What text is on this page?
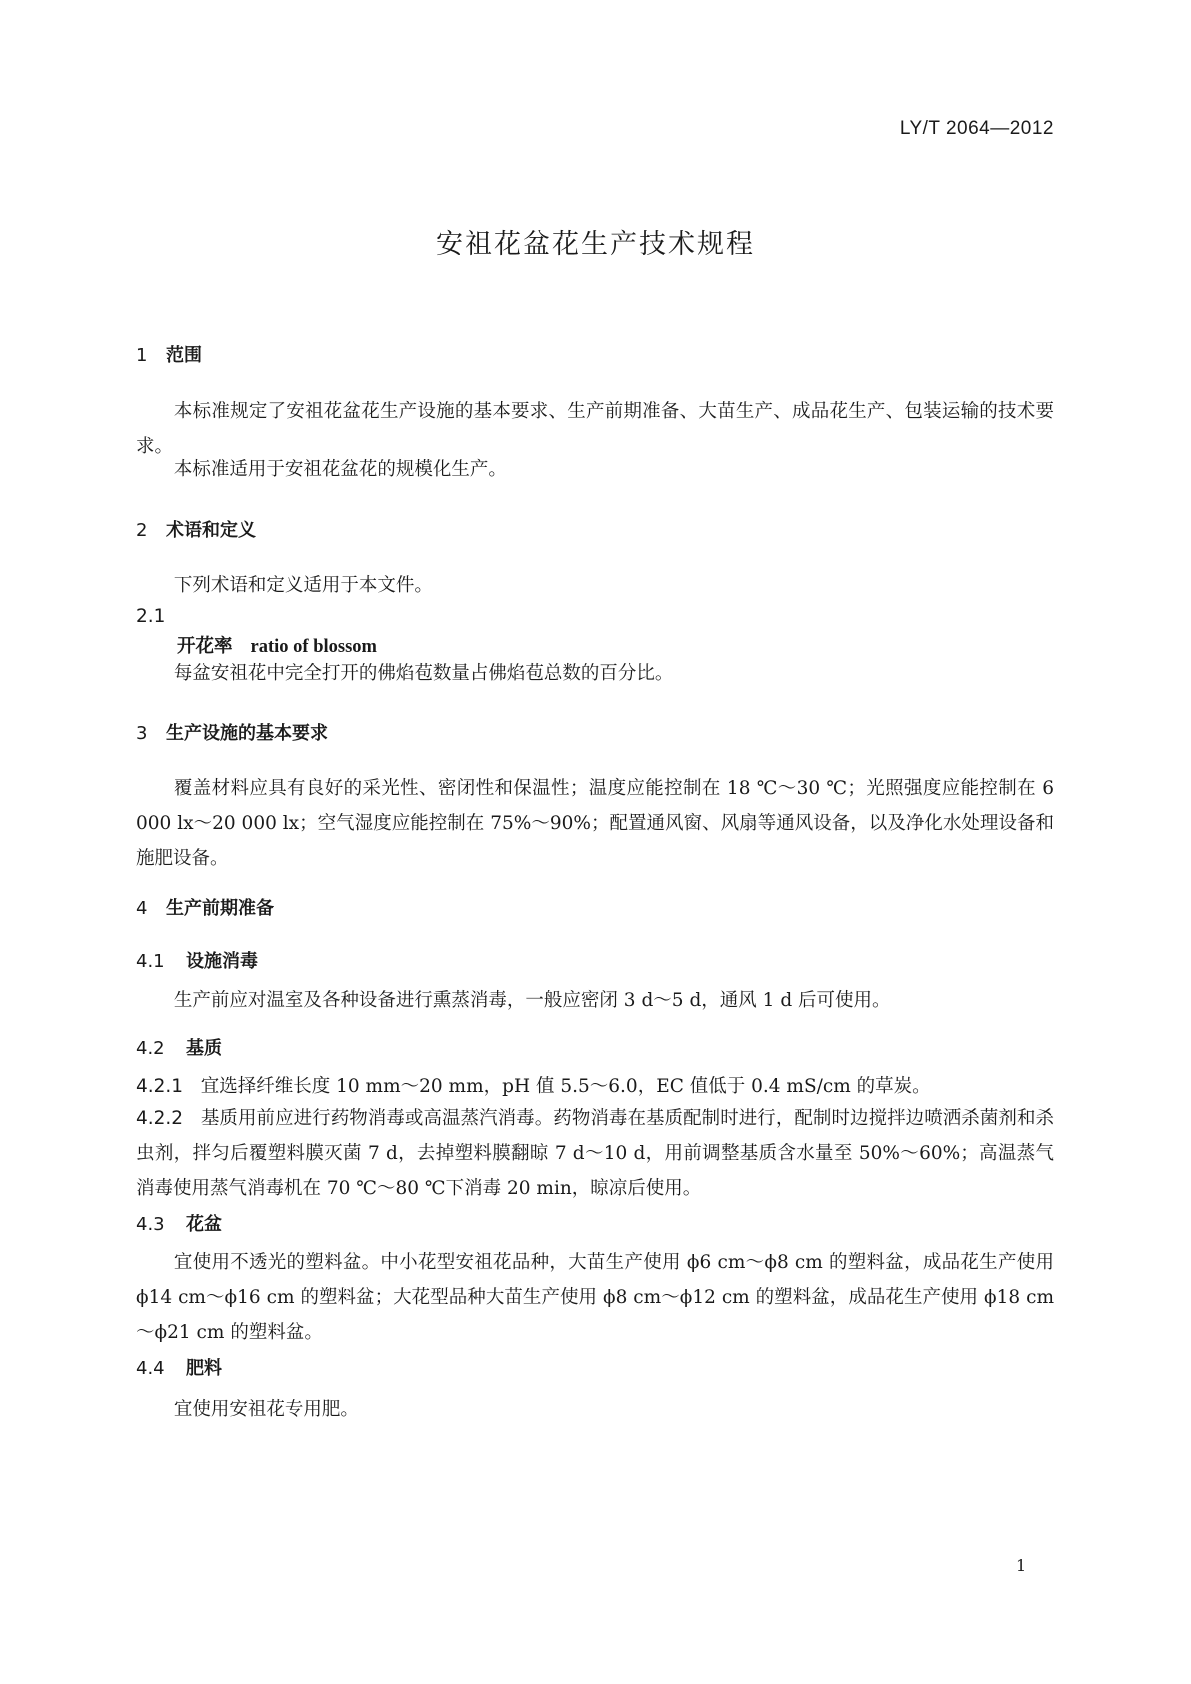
LY/T 2064—2012
安祖花盆花生产技术规程
1 范围
本标准规定了安祖花盆花生产设施的基本要求、生产前期准备、大苗生产、成品花生产、包装运输的技术要求。
本标准适用于安祖花盆花的规模化生产。
2 术语和定义
下列术语和定义适用于本文件。
2.1
开花率 ratio of blossom
每盆安祖花中完全打开的佛焰苞数量占佛焰苞总数的百分比。
3 生产设施的基本要求
覆盖材料应具有良好的采光性、密闭性和保温性；温度应能控制在 18 ℃～30 ℃；光照强度应能控制在 6 000 lx～20 000 lx；空气湿度应能控制在 75%～90%；配置通风窗、风扇等通风设备，以及净化水处理设备和施肥设备。
4 生产前期准备
4.1 设施消毒
生产前应对温室及各种设备进行熏蒸消毒，一般应密闭 3 d～5 d，通风 1 d 后可使用。
4.2 基质
4.2.1 宜选择纤维长度 10 mm～20 mm，pH 值 5.5～6.0，EC 值低于 0.4 mS/cm 的草炭。
4.2.2 基质用前应进行药物消毒或高温蒸汽消毒。药物消毒在基质配制时进行，配制时边搅拌边喷洒杀菌剂和杀虫剂，拌匀后覆塑料膜灭菌 7 d，去掉塑料膜翻晾 7 d～10 d，用前调整基质含水量至 50%～60%；高温蒸气消毒使用蒸气消毒机在 70 ℃～80 ℃下消毒 20 min，晾凉后使用。
4.3 花盆
宜使用不透光的塑料盆。中小花型安祖花品种，大苗生产使用 ϕ6 cm～ϕ8 cm 的塑料盆，成品花生产使用 ϕ14 cm～ϕ16 cm 的塑料盆；大花型品种大苗生产使用 ϕ8 cm～ϕ12 cm 的塑料盆，成品花生产使用 ϕ18 cm～ϕ21 cm 的塑料盆。
4.4 肥料
宜使用安祖花专用肥。
1
